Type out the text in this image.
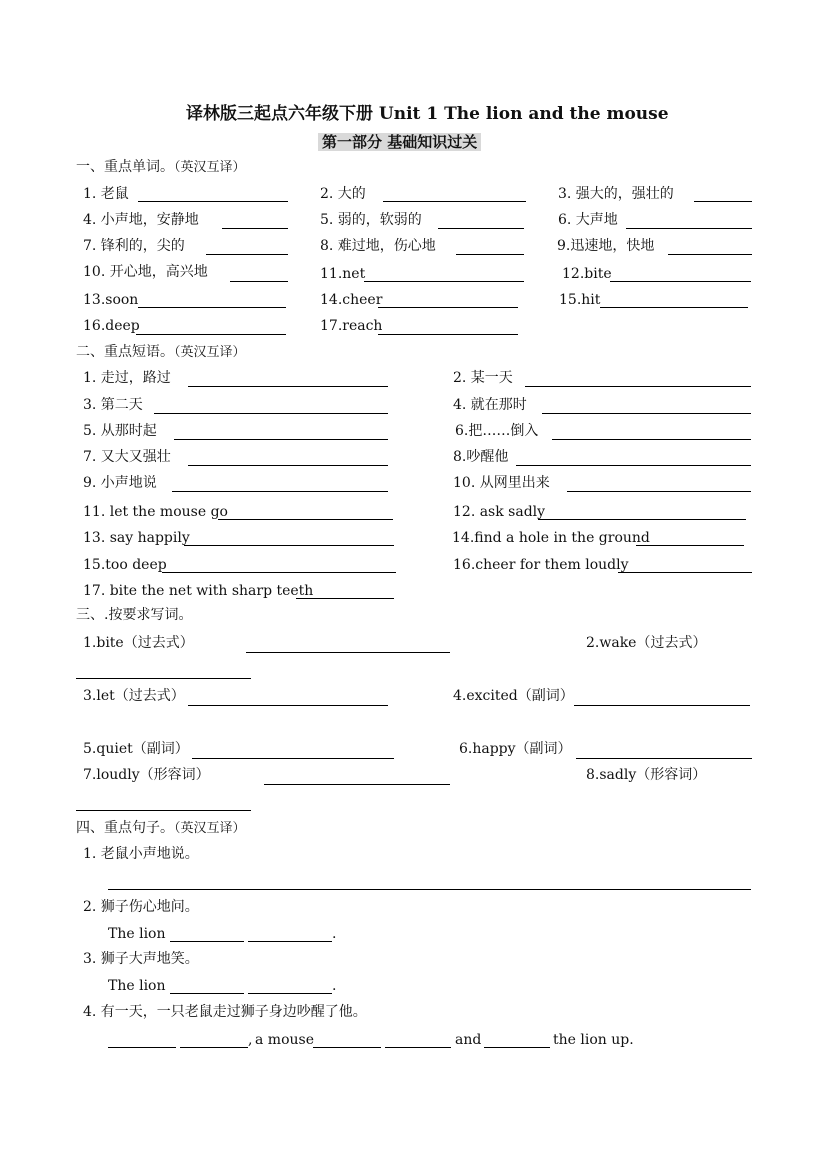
译林版三起点六年级下册 Unit 1 The lion and the mouse
第一部分 基础知识过关
一、重点单词。（英汉互译）
1. 老鼠	2. 大的	3. 强大的，强壮的
4. 小声地，安静地	5. 弱的，软弱的	6. 大声地
7. 锋利的，尖的	8. 难过地，伤心地	9.迅速地，快地
10. 开心地，高兴地	11.net	12.bite
13.soon	14.cheer	15.hit
16.deep	17.reach
二、重点短语。（英汉互译）
1. 走过，路过	2. 某一天
3. 第二天	4. 就在那时
5. 从那时起	6.把……倒入
7. 又大又强壮	8.吵醒他
9. 小声地说	10. 从网里出来
11. let the mouse go	12. ask sadly
13. say happily	14.find a hole in the ground
15.too deep	16.cheer for them loudly
17. bite the net with sharp teeth
三、.按要求写词。
1.bite（过去式）	2.wake（过去式）
3.let（过去式）	4.excited（副词）
5.quiet（副词）	6.happy（副词）
7.loudly（形容词）	8.sadly（形容词）
四、重点句子。（英汉互译）
1. 老鼠小声地说。
2. 狮子伤心地问。
The lion	.
3. 狮子大声地笑。
The lion	.
4. 有一天，一只老鼠走过狮子身边吵醒了他。
, a mouse	and	the lion up.
